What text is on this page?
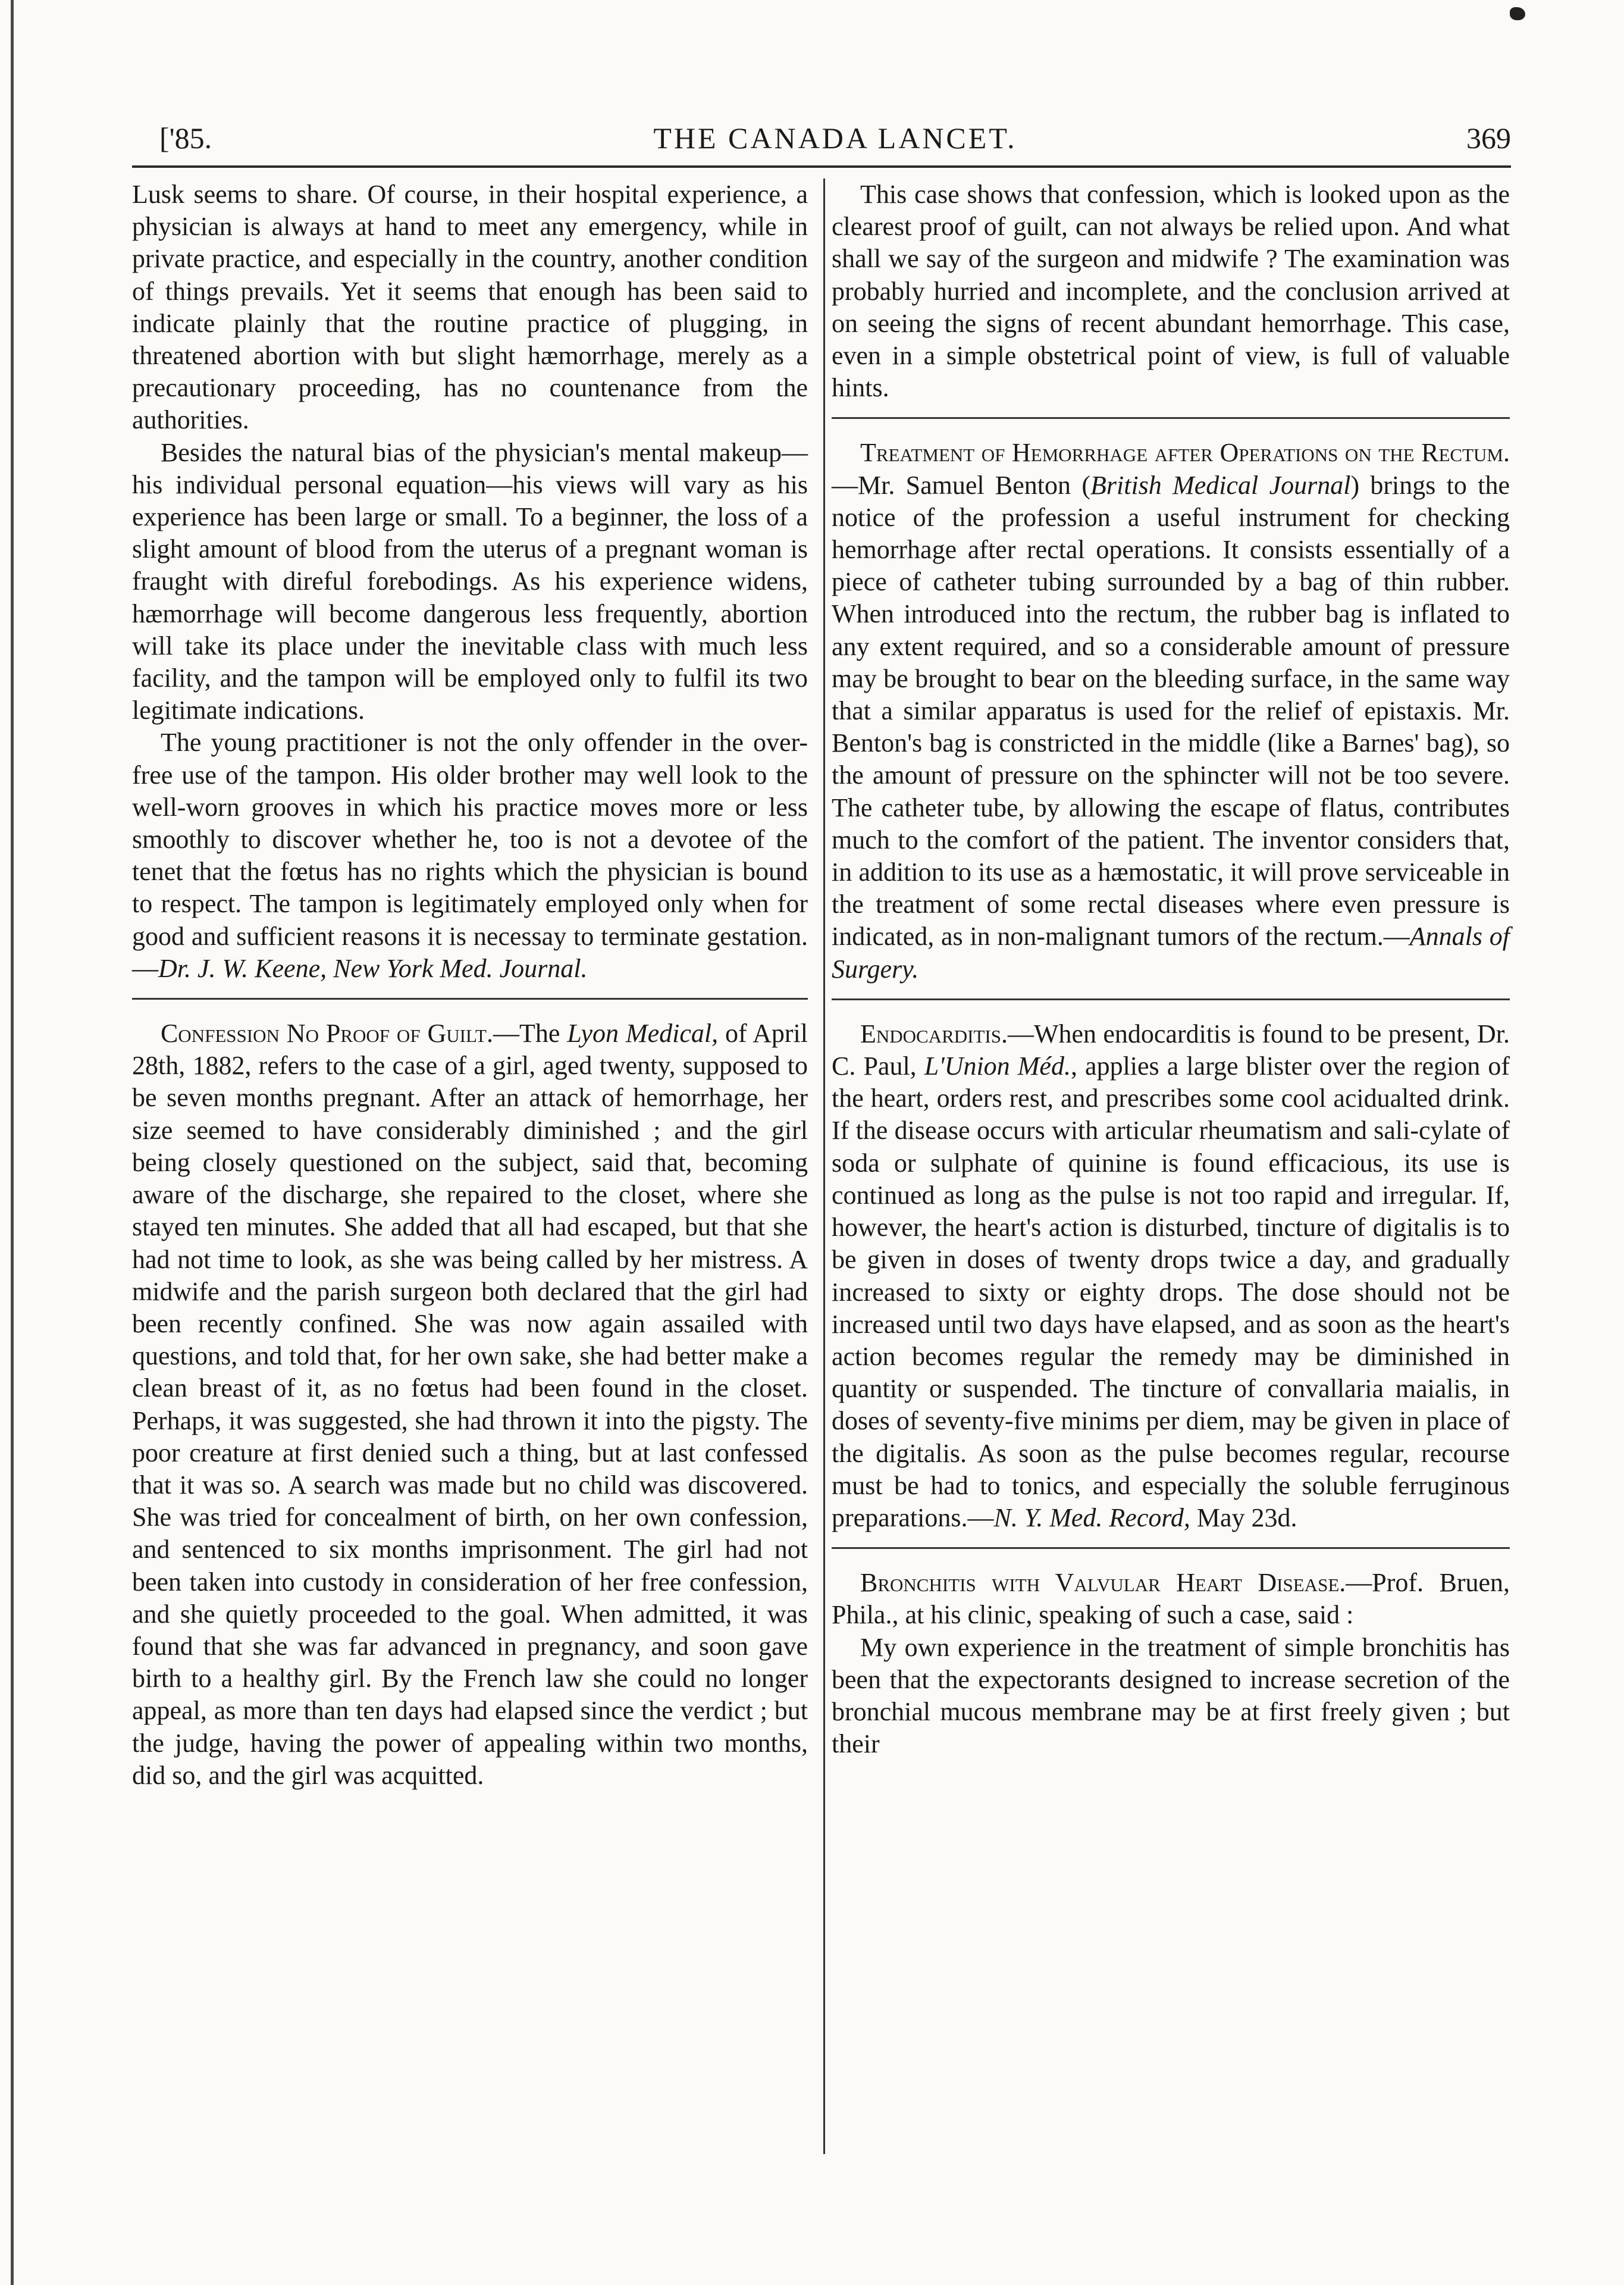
['85.	THE CANADA LANCET.	369

Lusk seems to share. Of course, in their hospital experience, a physician is always at hand to meet any emergency, while in private practice, and especially in the country, another condition of things prevails. Yet it seems that enough has been said to indicate plainly that the routine practice of plugging, in threatened abortion with but slight hæmorrhage, merely as a precautionary proceeding, has no countenance from the authorities.

Besides the natural bias of the physician's mental makeup—his individual personal equation—his views will vary as his experience has been large or small. To a beginner, the loss of a slight amount of blood from the uterus of a pregnant woman is fraught with direful forebodings. As his experience widens, hæmorrhage will become dangerous less frequently, abortion will take its place under the inevitable class with much less facility, and the tampon will be employed only to fulfil its two legitimate indications.

The young practitioner is not the only offender in the over-free use of the tampon. His older brother may well look to the well-worn grooves in which his practice moves more or less smoothly to discover whether he, too is not a devotee of the tenet that the fœtus has no rights which the physician is bound to respect. The tampon is legitimately employed only when for good and sufficient reasons it is necessay to terminate gestation.—Dr. J. W. Keene, New York Med. Journal.

Confession No Proof of Guilt.—The Lyon Medical, of April 28th, 1882, refers to the case of a girl, aged twenty, supposed to be seven months pregnant. After an attack of hemorrhage, her size seemed to have considerably diminished ; and the girl being closely questioned on the subject, said that, becoming aware of the discharge, she repaired to the closet, where she stayed ten minutes. She added that all had escaped, but that she had not time to look, as she was being called by her mistress. A midwife and the parish surgeon both declared that the girl had been recently confined. She was now again assailed with questions, and told that, for her own sake, she had better make a clean breast of it, as no fœtus had been found in the closet. Perhaps, it was suggested, she had thrown it into the pigsty. The poor creature at first denied such a thing, but at last confessed that it was so. A search was made but no child was discovered. She was tried for concealment of birth, on her own confession, and sentenced to six months imprisonment. The girl had not been taken into custody in consideration of her free confession, and she quietly proceeded to the goal. When admitted, it was found that she was far advanced in pregnancy, and soon gave birth to a healthy girl. By the French law she could no longer appeal, as more than ten days had elapsed since the verdict ; but the judge, having the power of appealing within two months, did so, and the girl was acquitted.

This case shows that confession, which is looked upon as the clearest proof of guilt, can not always be relied upon. And what shall we say of the surgeon and midwife ? The examination was probably hurried and incomplete, and the conclusion arrived at on seeing the signs of recent abundant hemorrhage. This case, even in a simple obstetrical point of view, is full of valuable hints.

Treatment of Hemorrhage after Operations on the Rectum.—Mr. Samuel Benton (British Medical Journal) brings to the notice of the profession a useful instrument for checking hemorrhage after rectal operations. It consists essentially of a piece of catheter tubing surrounded by a bag of thin rubber. When introduced into the rectum, the rubber bag is inflated to any extent required, and so a considerable amount of pressure may be brought to bear on the bleeding surface, in the same way that a similar apparatus is used for the relief of epistaxis. Mr. Benton's bag is constricted in the middle (like a Barnes' bag), so the amount of pressure on the sphincter will not be too severe. The catheter tube, by allowing the escape of flatus, contributes much to the comfort of the patient. The inventor considers that, in addition to its use as a hæmostatic, it will prove serviceable in the treatment of some rectal diseases where even pressure is indicated, as in non-malignant tumors of the rectum.—Annals of Surgery.

Endocarditis.—When endocarditis is found to be present, Dr. C. Paul, L'Union Méd., applies a large blister over the region of the heart, orders rest, and prescribes some cool acidualted drink. If the disease occurs with articular rheumatism and sali-cylate of soda or sulphate of quinine is found efficacious, its use is continued as long as the pulse is not too rapid and irregular. If, however, the heart's action is disturbed, tincture of digitalis is to be given in doses of twenty drops twice a day, and gradually increased to sixty or eighty drops. The dose should not be increased until two days have elapsed, and as soon as the heart's action becomes regular the remedy may be diminished in quantity or suspended. The tincture of convallaria maialis, in doses of seventy-five minims per diem, may be given in place of the digitalis. As soon as the pulse becomes regular, recourse must be had to tonics, and especially the soluble ferruginous preparations.—N. Y. Med. Record, May 23d.

Bronchitis with Valvular Heart Disease.—Prof. Bruen, Phila., at his clinic, speaking of such a case, said :

My own experience in the treatment of simple bronchitis has been that the expectorants designed to increase secretion of the bronchial mucous membrane may be at first freely given ; but their
